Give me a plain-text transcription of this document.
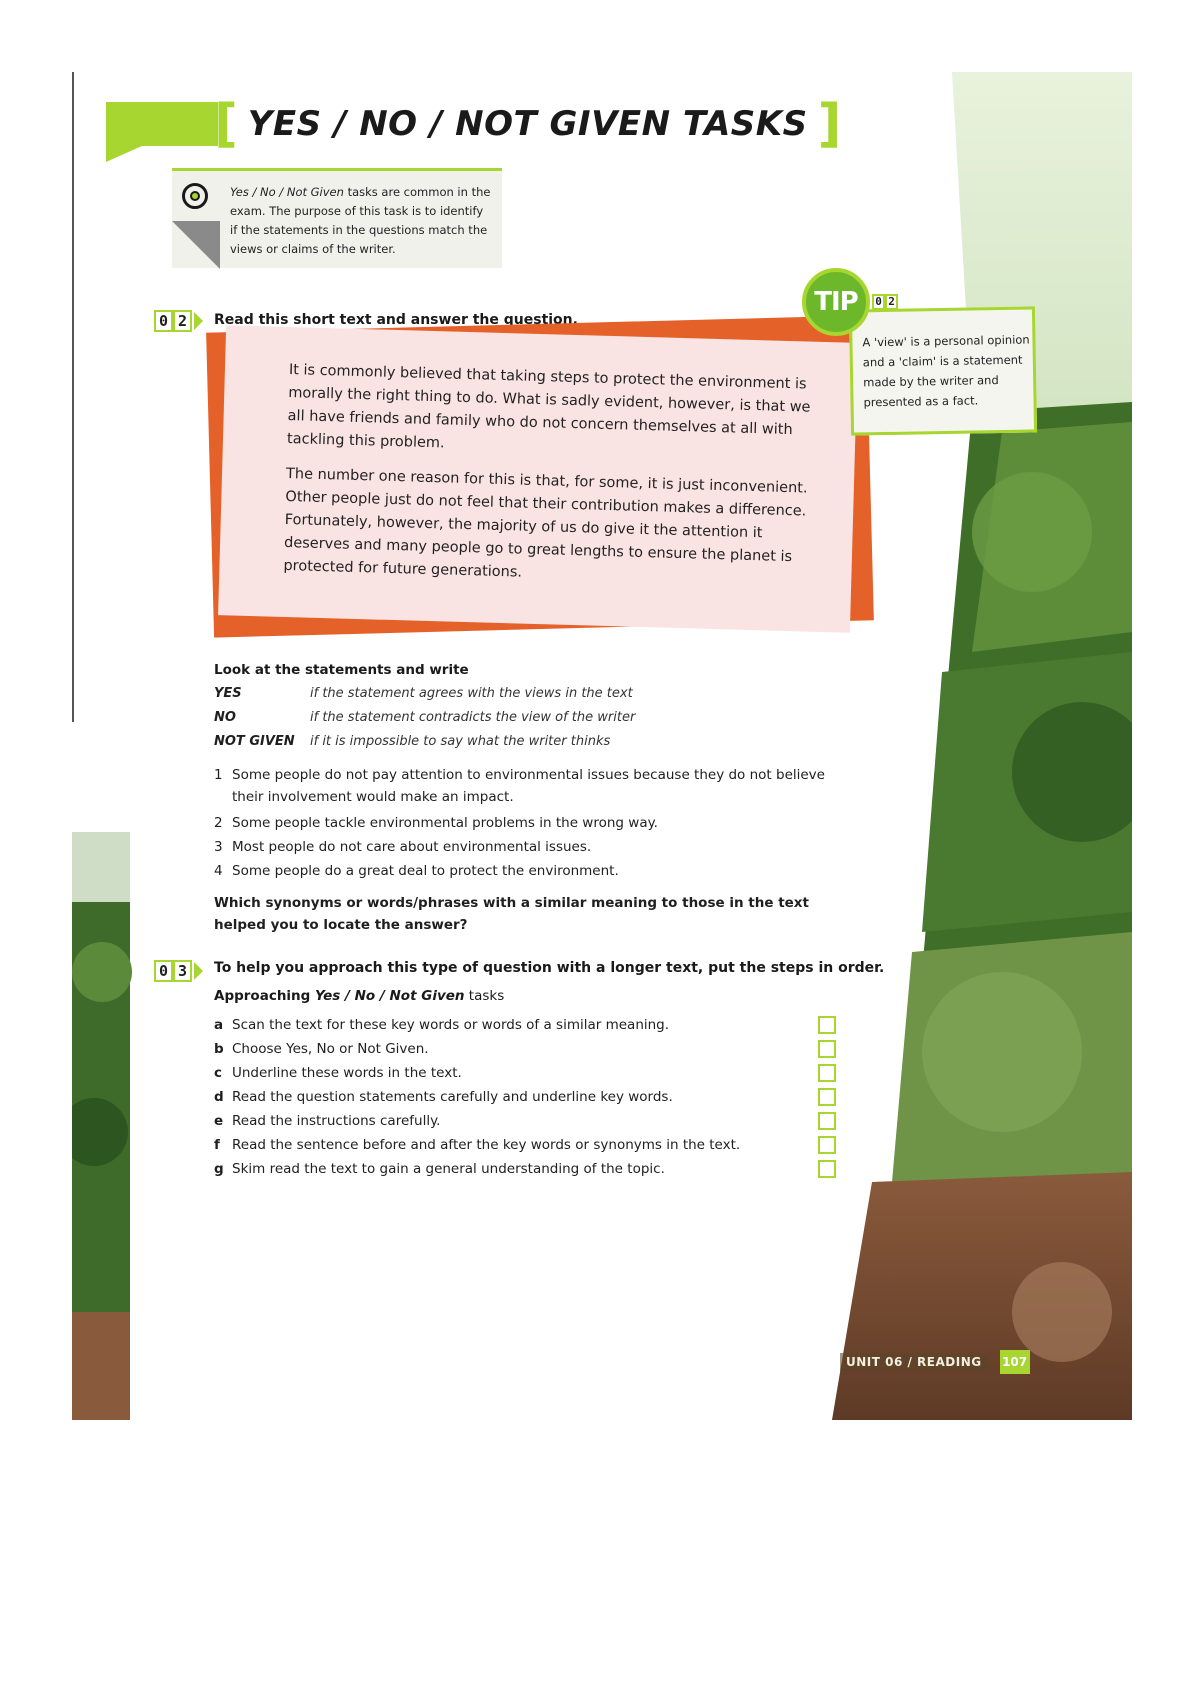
[ YES / NO / NOT GIVEN TASKS ]
Yes / No / Not Given tasks are common in the exam. The purpose of this task is to identify if the statements in the questions match the views or claims of the writer.
0 2	Read this short text and answer the question.

It is commonly believed that taking steps to protect the environment is morally the right thing to do. What is sadly evident, however, is that we all have friends and family who do not concern themselves at all with tackling this problem.

The number one reason for this is that, for some, it is just inconvenient. Other people just do not feel that their contribution makes a difference. Fortunately, however, the majority of us do give it the attention it deserves and many people go to great lengths to ensure the planet is protected for future generations.

A 'view' is a personal opinion and a 'claim' is a statement made by the writer and presented as a fact.
TIP 0 2
Look at the statements and write
YES	if the statement agrees with the views in the text
NO	if the statement contradicts the view of the writer
NOT GIVEN	if it is impossible to say what the writer thinks
1 Some people do not pay attention to environmental issues because they do not believe their involvement would make an impact.
2 Some people tackle environmental problems in the wrong way.
3 Most people do not care about environmental issues.
4 Some people do a great deal to protect the environment.
Which synonyms or words/phrases with a similar meaning to those in the text helped you to locate the answer?
0 3	To help you approach this type of question with a longer text, put the steps in order.
Approaching Yes / No / Not Given tasks
a Scan the text for these key words or words of a similar meaning.
b Choose Yes, No or Not Given.
c Underline these words in the text.
d Read the question statements carefully and underline key words.
e Read the instructions carefully.
f Read the sentence before and after the key words or synonyms in the text.
g Skim read the text to gain a general understanding of the topic.
UNIT 06 / READING	107
